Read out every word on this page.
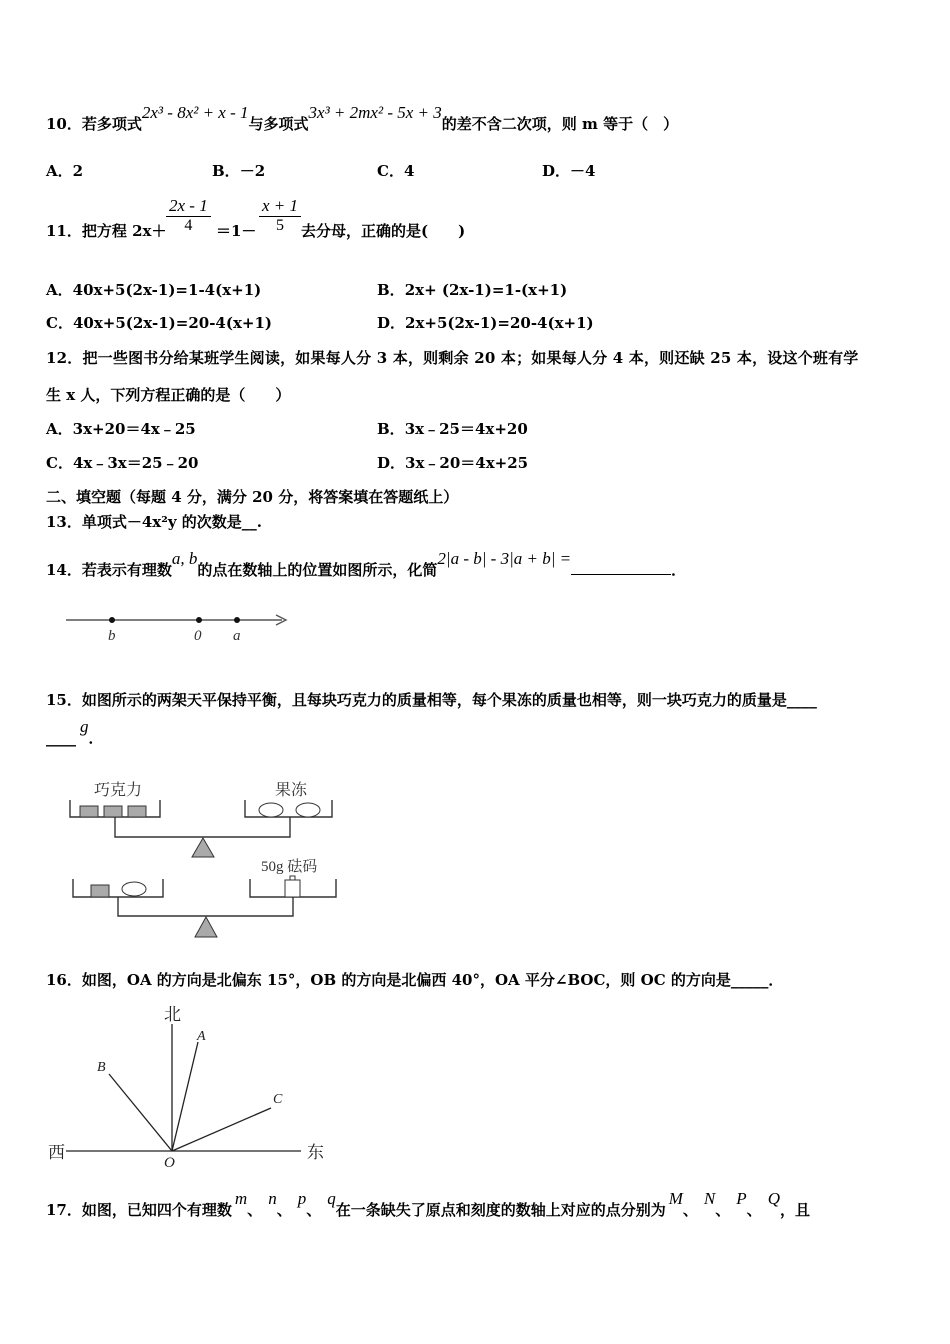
10．若多项式2x³ - 8x² + x - 1与多项式3x³ + 2mx² - 5x + 3的差不含二次项，则 m 等于（　）
A．2	B．－2	C．4	D．－4
11．把方程 $2x+ \frac{2x - 1}{4} =1- \frac{x + 1}{5}$ 去分母，正确的是(　　)
A．40x+5(2x-1)=1-4(x+1)	B．2x+ (2x-1)=1-(x+1)
C．40x+5(2x-1)=20-4(x+1)	D．2x+5(2x-1)=20-4(x+1)
12．把一些图书分给某班学生阅读，如果每人分 3 本，则剩余 20 本；如果每人分 4 本，则还缺 25 本，设这个班有学
生 x 人，下列方程正确的是（　　）
A．3x+20＝4x﹣25	B．3x﹣25＝4x+20
C．4x﹣3x＝25﹣20	D．3x﹣20＝4x+25
二、填空题（每题 4 分，满分 20 分，将答案填在答题纸上）
13．单项式－4x²y 的次数是__.
14．若表示有理数a, b的点在数轴上的位置如图所示，化简2|a - b| - 3|a + b| =．
b	0 a
15．如图所示的两架天平保持平衡，且每块巧克力的质量相等，每个果冻的质量也相等，则一块巧克力的质量是____
____g．
巧克力	果冻
50g 砝码
16．如图，OA 的方向是北偏东 15°，OB 的方向是北偏西 40°，OA 平分∠BOC，则 OC 的方向是_____．
北
西	东
O
A
B
C
17．如图，已知四个有理数m、n、p、q在一条缺失了原点和刻度的数轴上对应的点分别为M、N、P、Q，且
